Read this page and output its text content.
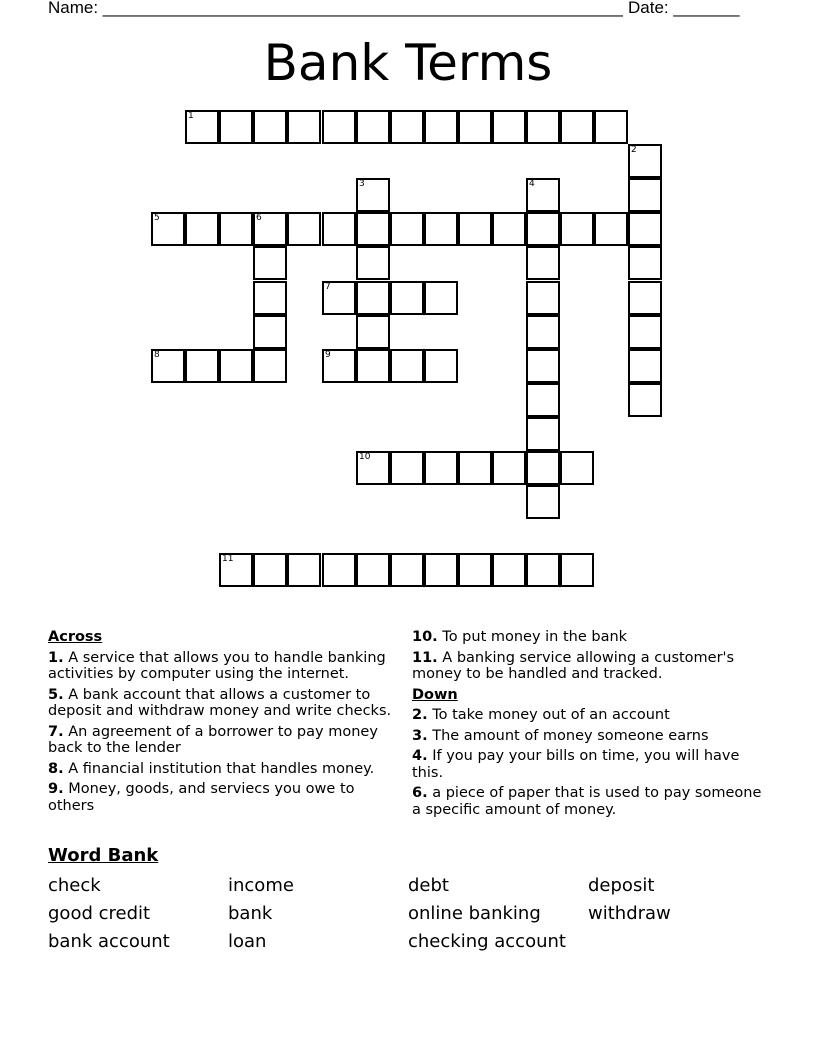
Name: _______________________________________________________ Date: _______
Bank Terms
1
2
3	4
5	6
7
8	9
10
11
Across
1. A service that allows you to handle banking activities by computer using the internet.
5. A bank account that allows a customer to deposit and withdraw money and write checks.
7. An agreement of a borrower to pay money back to the lender
8. A financial institution that handles money.
9. Money, goods, and serviecs you owe to others
10. To put money in the bank
11. A banking service allowing a customer's money to be handled and tracked.
Down
2. To take money out of an account
3. The amount of money someone earns
4. If you pay your bills on time, you will have this.
6. a piece of paper that is used to pay someone a specific amount of money.
Word Bank
check	income	debt	deposit
good credit	bank	online banking	withdraw
bank account	loan	checking account
